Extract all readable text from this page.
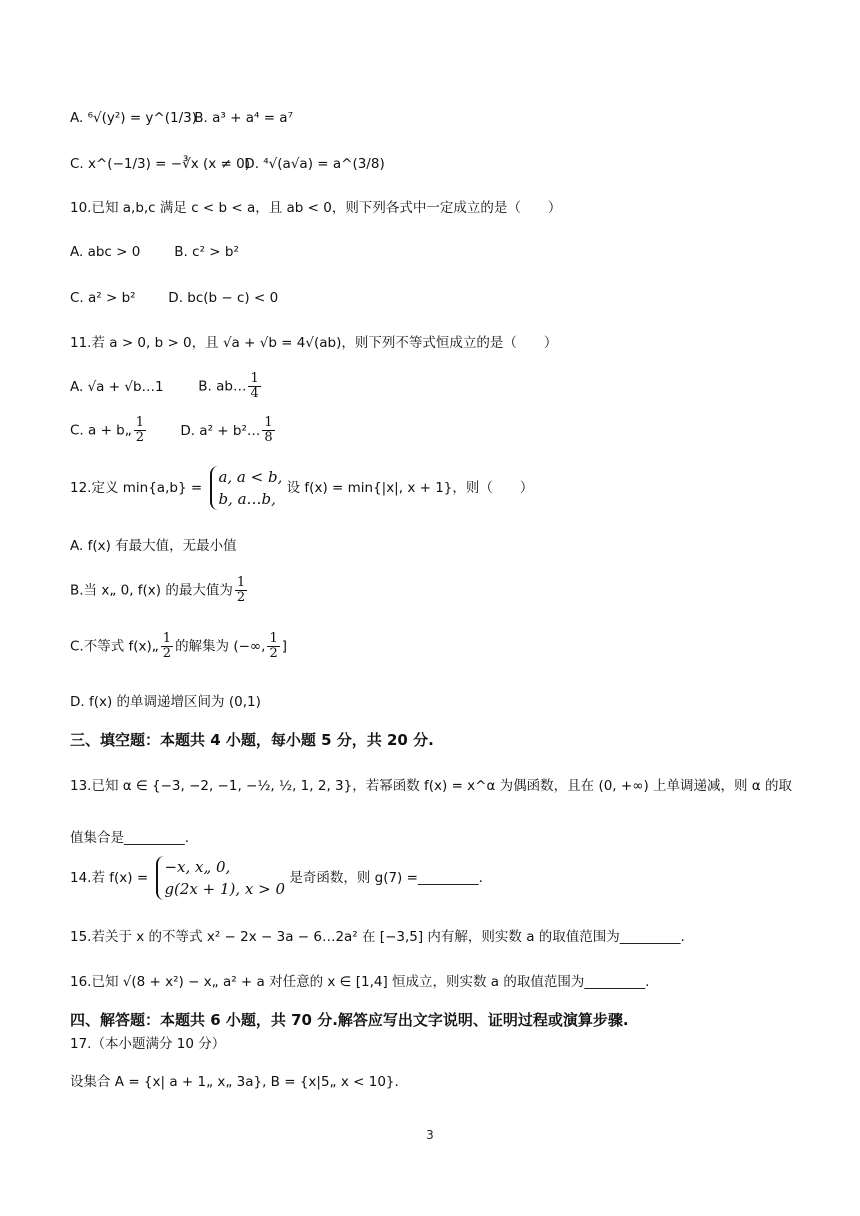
A. ⁶√(y²) = y^(1/3) B. a³ + a⁴ = a⁷
C. x^(−1/3) = −∛x (x ≠ 0) D. ⁴√(a√a) = a^(3/8)
10.已知 a,b,c 满足 c < b < a，且 ab < 0，则下列各式中一定成立的是（　　）
A. abc > 0	B. c² > b²
C. a² > b² D. bc(b − c) < 0
11.若 a > 0, b > 0，且 √a + √b = 4√(ab)，则下列不等式恒成立的是（　　）
A. √a + √b…1	B. ab… $\frac{1}{4}$
C. a + b„ $\frac{1}{2}$	D. a² + b²… $\frac{1}{8}$
12.定义 min{a,b} =
a, a < b,
b, a…b,
设 f(x) = min{|x|, x + 1}，则（　　）
A. f(x) 有最大值，无最小值
B.当 x„ 0, f(x) 的最大值为 $\frac{1}{2}$
C.不等式 f(x)„ $\frac{1}{2}$ 的解集为 (−∞, $\frac{1}{2}$ ]
D. f(x) 的单调递增区间为 (0,1)
三、填空题：本题共 4 小题，每小题 5 分，共 20 分.
13.已知 α ∈ {−3, −2, −1, −½, ½, 1, 2, 3}，若幂函数 f(x) = x^α 为偶函数，且在 (0, +∞) 上单调递减，则 α 的取
值集合是_________.
14.若 f(x) =
−x, x„ 0,
g(2x + 1), x > 0
是奇函数，则 g(7) =_________.
15.若关于 x 的不等式 x² − 2x − 3a − 6…2a² 在 [−3,5] 内有解，则实数 a 的取值范围为_________.
16.已知 √(8 + x²) − x„ a² + a 对任意的 x ∈ [1,4] 恒成立，则实数 a 的取值范围为_________.
四、解答题：本题共 6 小题，共 70 分.解答应写出文字说明、证明过程或演算步骤.
17.（本小题满分 10 分）
设集合 A = {x| a + 1„ x„ 3a}, B = {x|5„ x < 10}.
3
